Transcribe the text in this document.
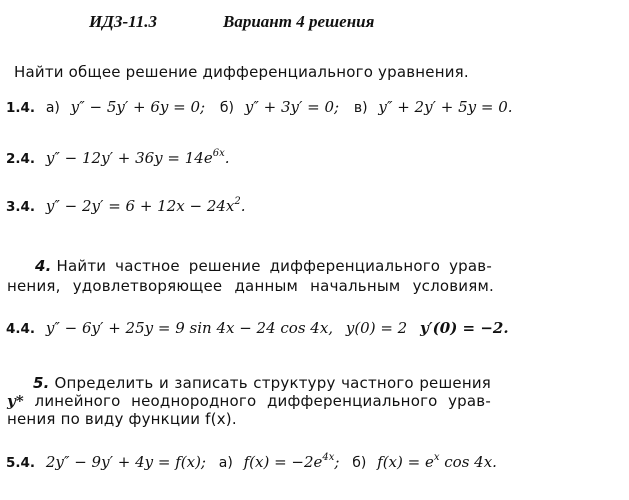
ИДЗ-11.3	Вариант 4 решения
Найти общее решение дифференциального уравнения.
1.4. а) y″ − 5y′ + 6y = 0; б) y″ + 3y′ = 0; в) y″ + 2y′ + 5y = 0.
2.4. $y'' - 12y' + 36y = 14e^{6x}$.
3.4. $y'' - 2y' = 6 + 12x - 24x^2$.
4. Найти частное решение дифференциального урав-
нения, удовлетворяющее данным начальным условиям.
4.4. y″ − 6y′ + 25y = 9 sin 4x − 24 cos 4x, y(0) = 2 y′(0) = −2.
5. Определить и записать структуру частного решения
y* линейного неоднородного дифференциального урав-
нения по виду функции f(x).
5.4. 2y″ − 9y′ + 4y = f(x); а) $f(x) = -2e^{4x}$; б) $f(x) = e^x$ cos 4x.
